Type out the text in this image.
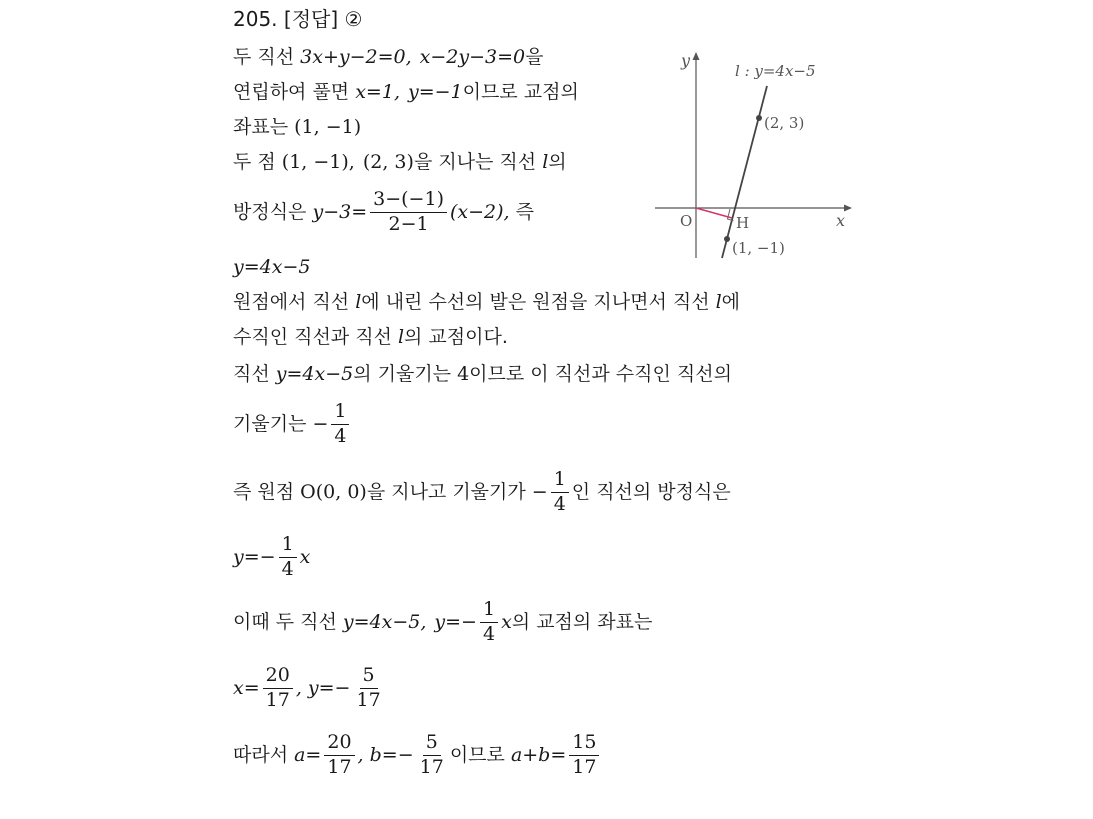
205. [정답] ②
두 직선 3x+y−2=0, x−2y−3=0을
연립하여 풀면 x=1, y=−1이므로 교점의
좌표는 (1, −1)
두 점 (1, −1), (2, 3)을 지나는 직선 l의
방정식은 $y-3= \frac{3-(-1)}{2-1} (x-2)$, 즉
y=4x−5
원점에서 직선 l에 내린 수선의 발은 원점을 지나면서 직선 l에
수직인 직선과 직선 l의 교점이다.
직선 y=4x−5의 기울기는 4이므로 이 직선과 수직인 직선의
기울기는 − $\frac{1}{4}$
즉 원점 O(0, 0)을 지나고 기울기가 − $\frac{1}{4}$ 인 직선의 방정식은
$y=- \frac{1}{4}$ x
이때 두 직선 y=4x−5, $y=- \frac{1}{4}$ x의 교점의 좌표는
$x= \frac{20}{17}$ , $y=- \frac{5}{17}$
따라서 $a= \frac{20}{17}$ , $b=- \frac{5}{17}$ 이므로 $a+b= \frac{15}{17}$
y
x
O
l : y=4x−5
(2, 3)
(1, −1)
H
